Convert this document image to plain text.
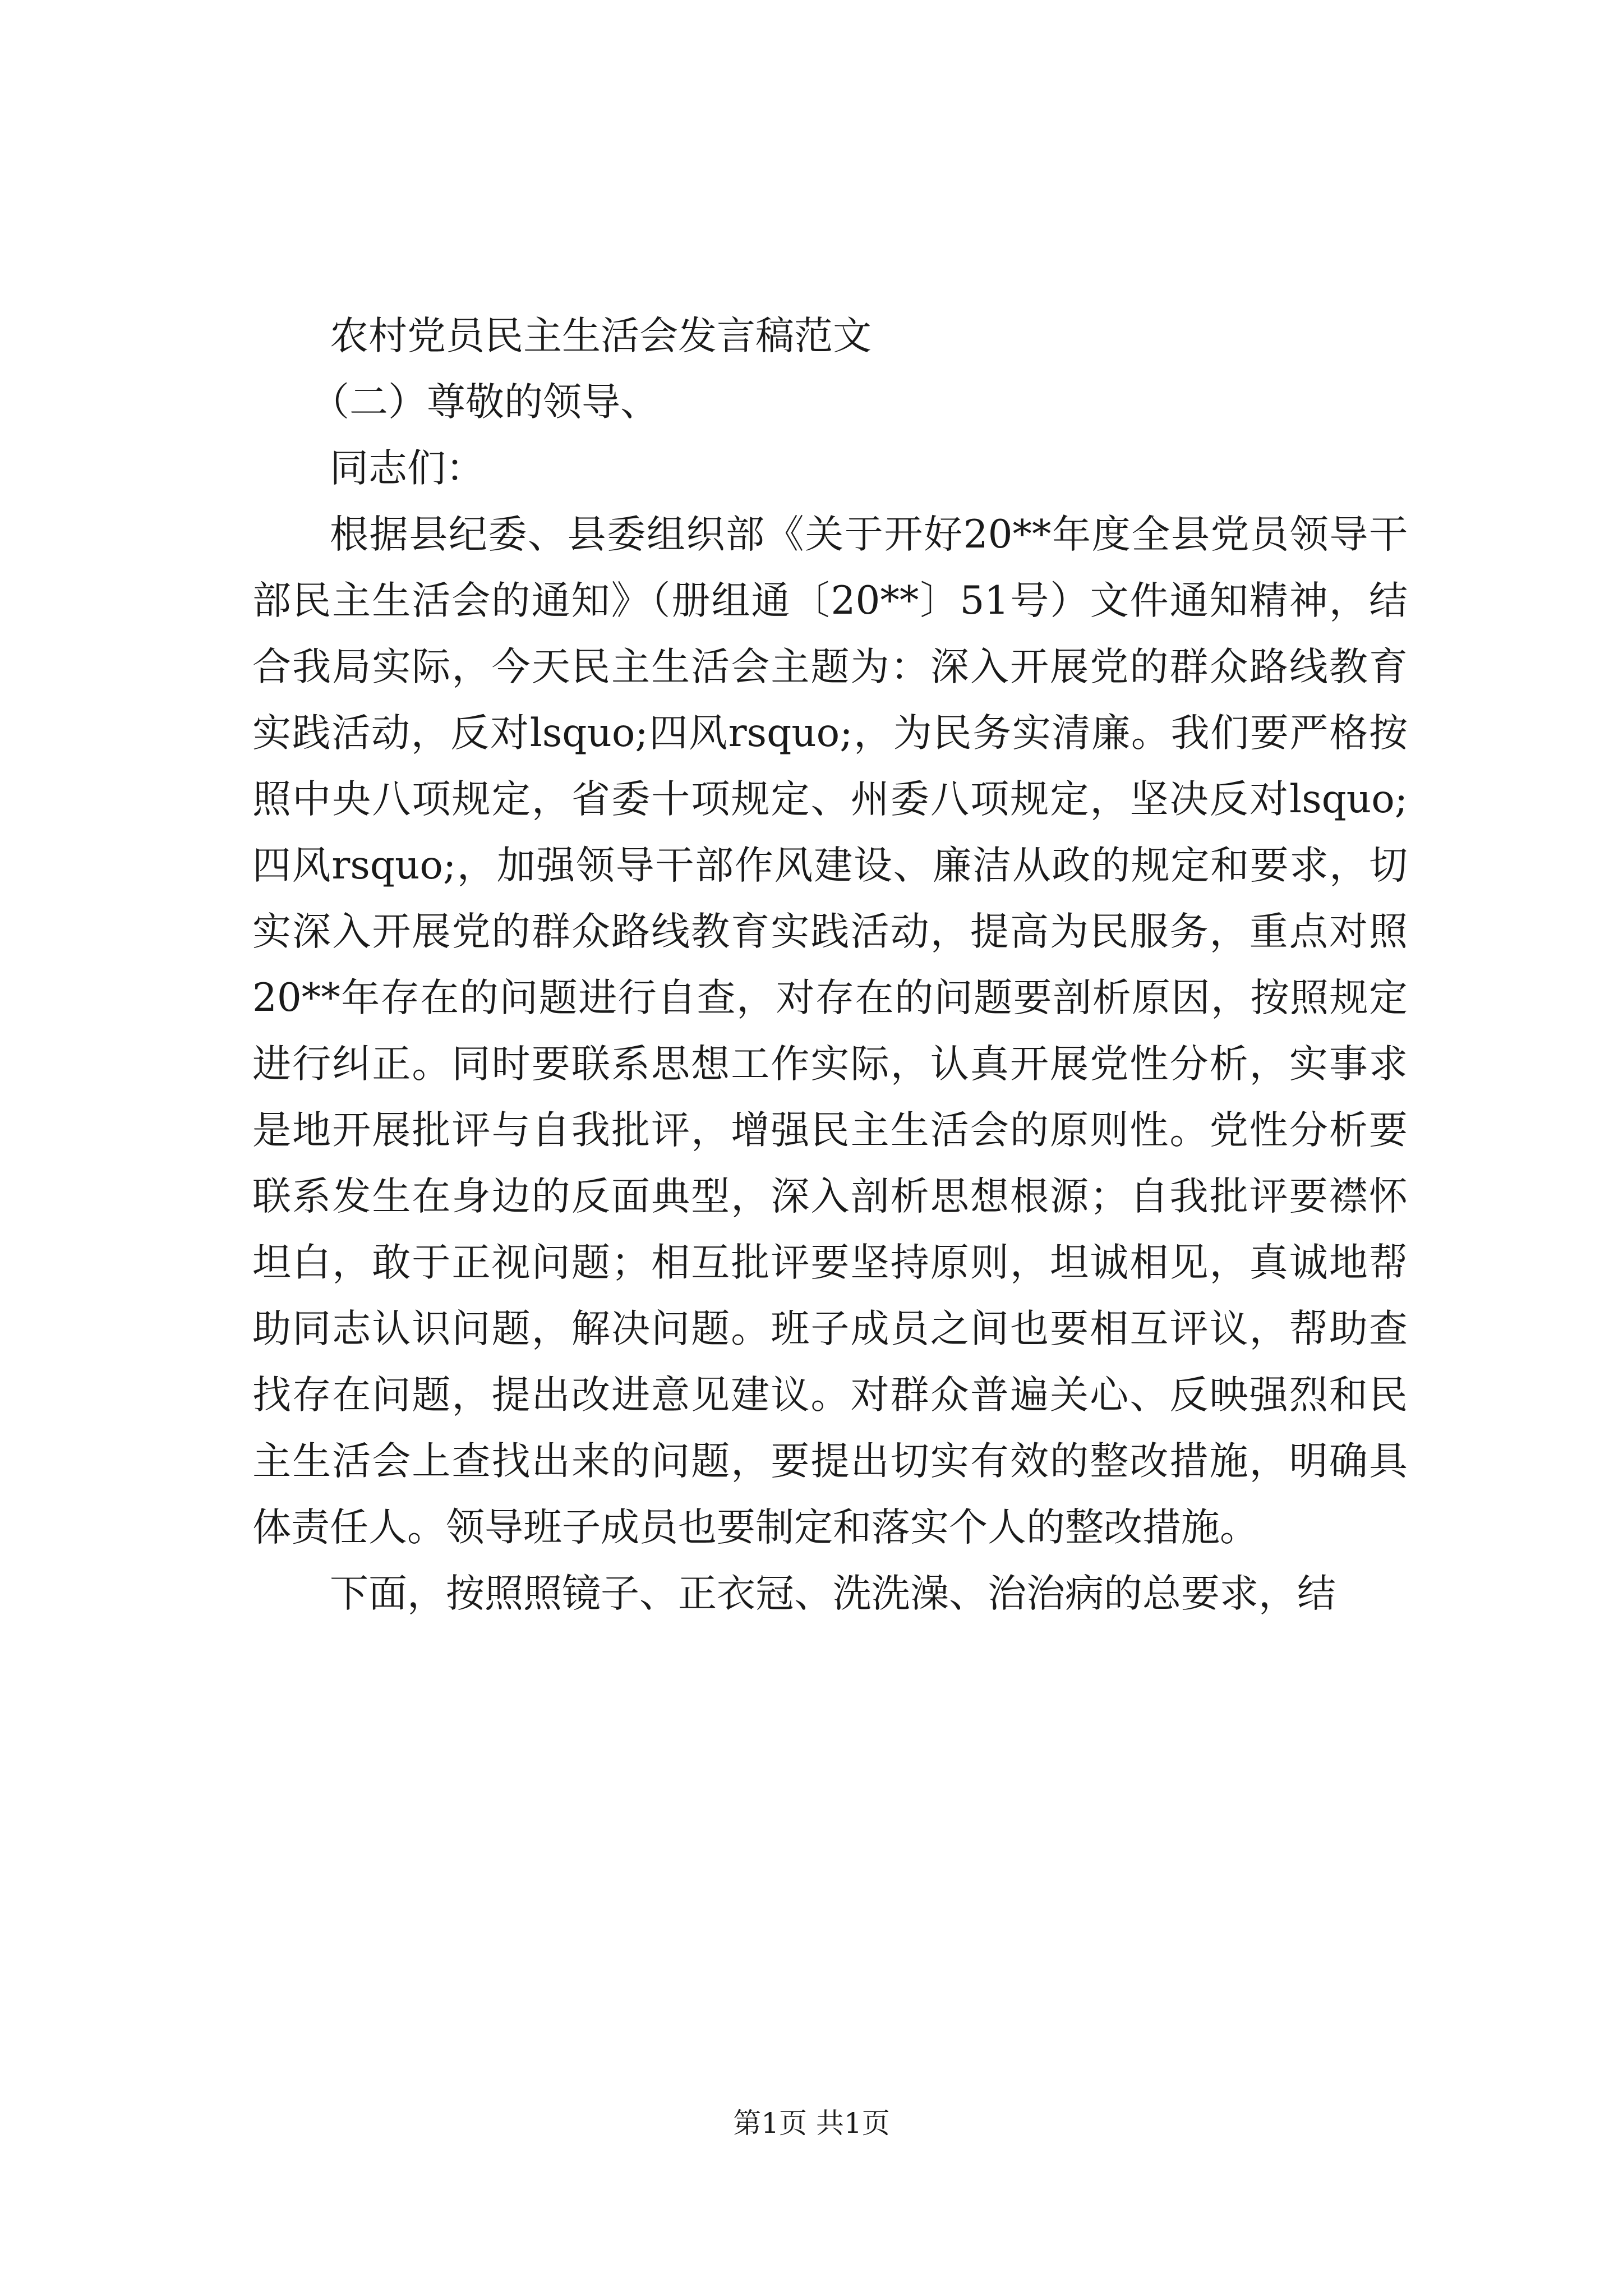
农村党员民主生活会发言稿范文

（二）尊敬的领导、

同志们：

根据县纪委、县委组织部《关于开好20**年度全县党员领导干部民主生活会的通知》（册组通〔20**〕51号）文件通知精神，结合我局实际，今天民主生活会主题为：深入开展党的群众路线教育实践活动，反对lsquo;四风rsquo;，为民务实清廉。我们要严格按照中央八项规定，省委十项规定、州委八项规定，坚决反对lsquo;四风rsquo;，加强领导干部作风建设、廉洁从政的规定和要求，切实深入开展党的群众路线教育实践活动，提高为民服务，重点对照20**年存在的问题进行自查，对存在的问题要剖析原因，按照规定进行纠正。同时要联系思想工作实际，认真开展党性分析，实事求是地开展批评与自我批评，增强民主生活会的原则性。党性分析要联系发生在身边的反面典型，深入剖析思想根源；自我批评要襟怀坦白，敢于正视问题；相互批评要坚持原则，坦诚相见，真诚地帮助同志认识问题，解决问题。班子成员之间也要相互评议，帮助查找存在问题，提出改进意见建议。对群众普遍关心、反映强烈和民主生活会上查找出来的问题，要提出切实有效的整改措施，明确具体责任人。领导班子成员也要制定和落实个人的整改措施。

下面，按照照镜子、正衣冠、洗洗澡、治治病的总要求，结

第1页 共1页
